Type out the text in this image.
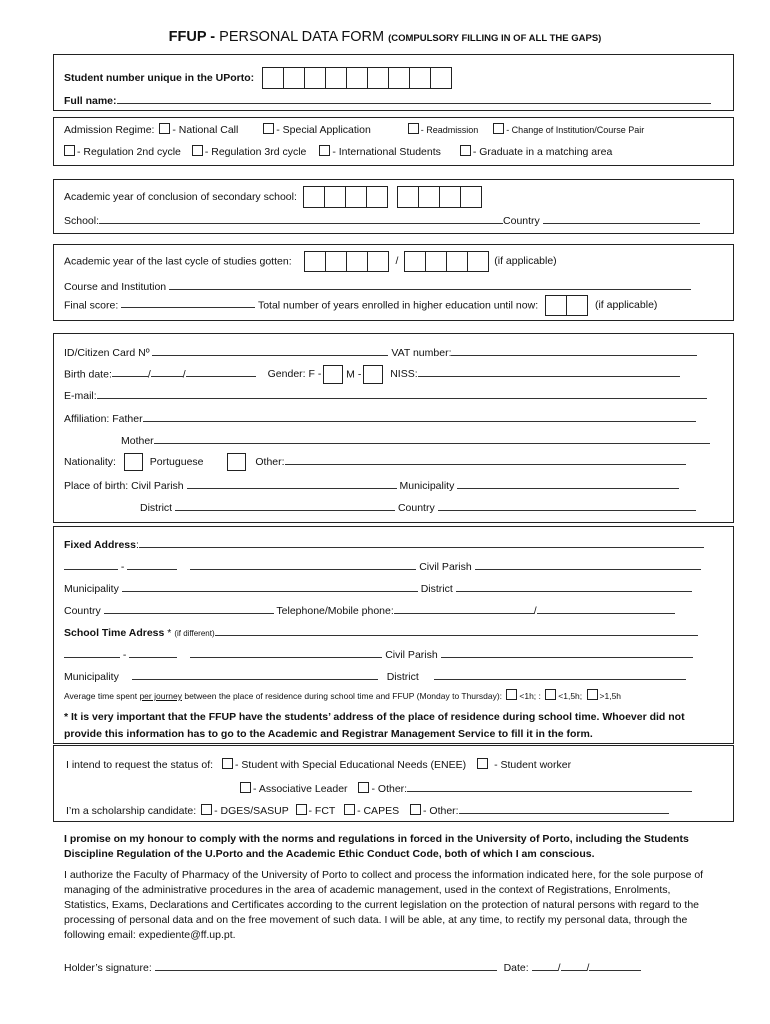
FFUP - PERSONAL DATA FORM (COMPULSORY FILLING IN OF ALL THE GAPS)
Student number unique in the UPorto:
Full name:
Admission Regime: - National Call	- Special Application	- Readmission	- Change of Institution/Course Pair
- Regulation 2nd cycle - Regulation 3rd cycle - International Students	- Graduate in a matching area
Academic year of conclusion of secondary school:

School:	Country
Academic year of the last cycle of studies gotten:	/	(if applicable)
Course and Institution
Final score:	Total number of years enrolled in higher education until now:	(if applicable)
ID/Citizen Card Nº	VAT number:
Birth date:	/	/	Gender: F - M -	NISS:
E-mail:
Affiliation: Father
Mother
Nationality:	Portuguese	Other:
Place of birth: Civil Parish	Municipality
District	Country
Fixed Address:
-	Civil Parish
Municipality	District
Country	Telephone/Mobile phone:	/
School Time Adress * (if different)
-	Civil Parish
Municipality	District
Average time spent per journey between the place of residence during school time and FFUP (Monday to Thursday): <1h; : <1,5h; >1,5h
* It is very important that the FFUP have the students’ address of the place of residence during school time. Whoever did not provide this information has to go to the Academic and Registrar Management Service to fill it in the form.
I intend to request the status of: - Student with Special Educational Needs (ENEE)	- Student worker
- Associative Leader - Other:
I’m a scholarship candidate: - DGES/SASUP - FCT - CAPES - Other:
I promise on my honour to comply with the norms and regulations in forced in the University of Porto, including the Students Discipline Regulation of the U.Porto and the Academic Ethic Conduct Code, both of which I am conscious.
I authorize the Faculty of Pharmacy of the University of Porto to collect and process the information indicated here, for the sole purpose of managing of the administrative procedures in the area of academic management, used in the context of Registrations, Enrolments, Statistics, Exams, Declarations and Certificates according to the current legislation on the protection of natural persons with regard to the processing of personal data and on the free movement of such data. I will be able, at any time, to rectify my personal data, through the following email: expediente@ff.up.pt.
Holder’s signature:	Date:	/ /
